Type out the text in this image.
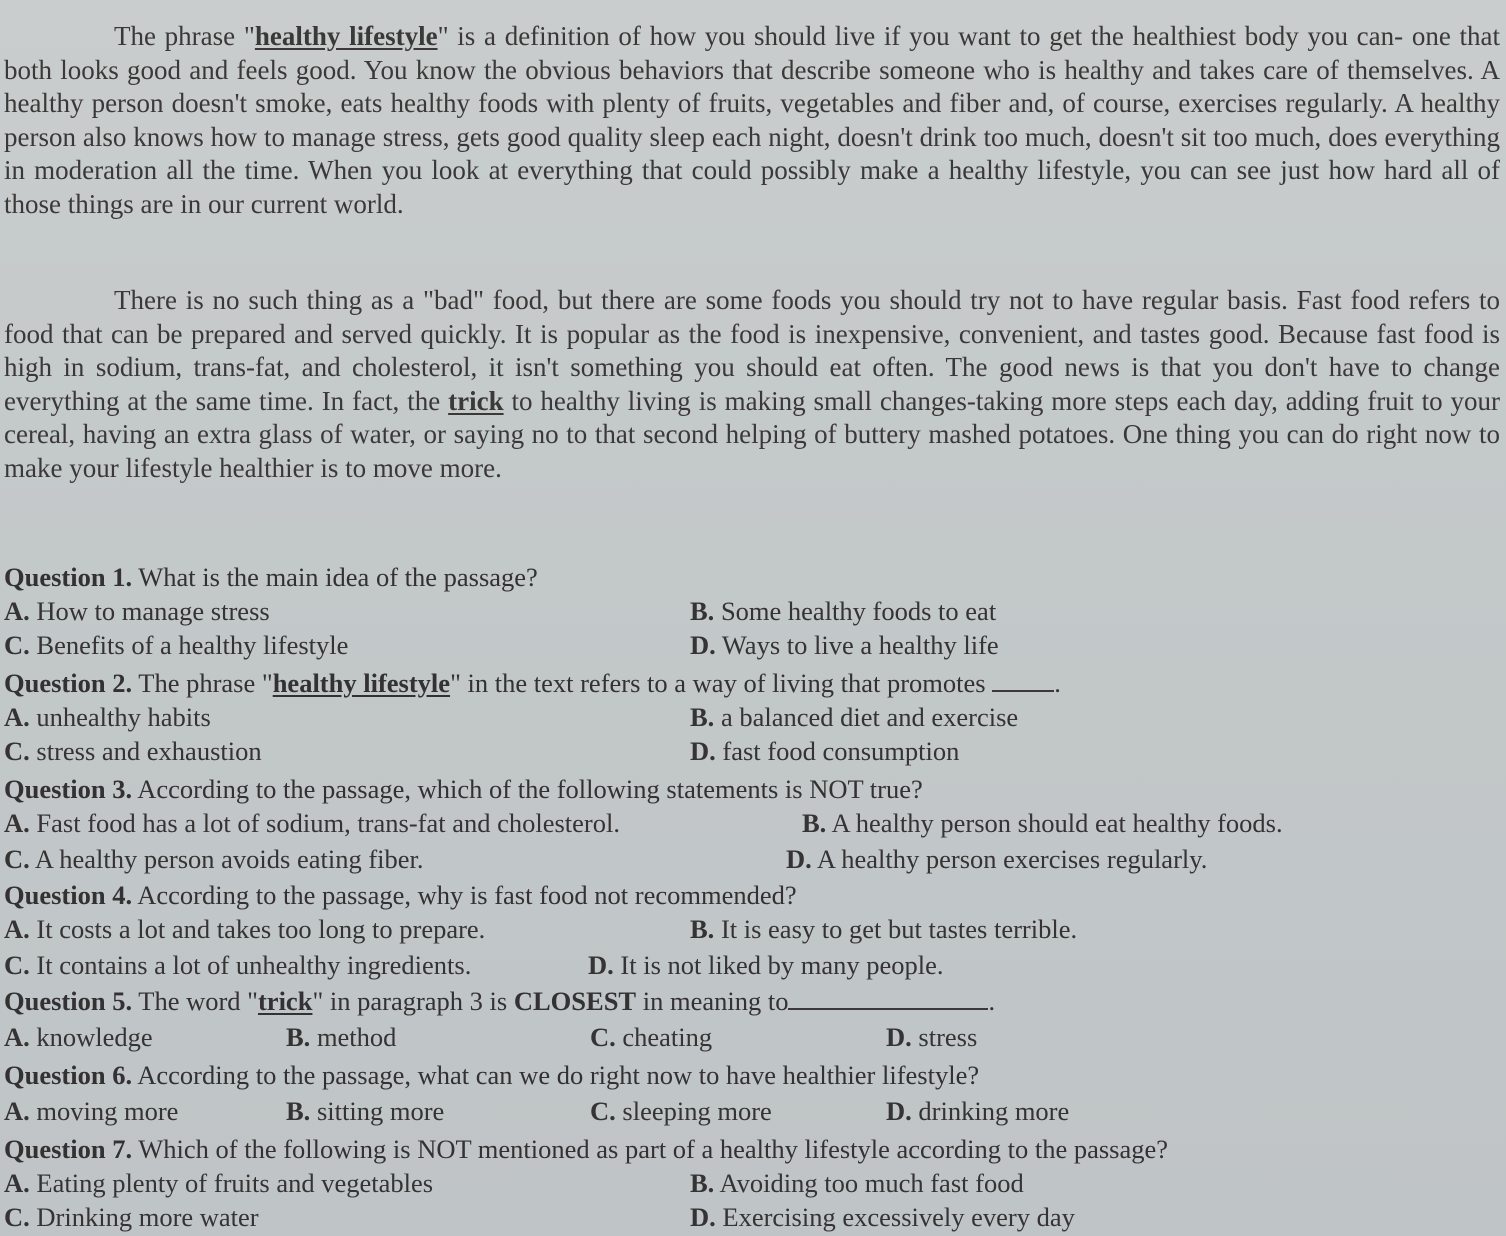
The phrase "healthy lifestyle" is a definition of how you should live if you want to get the healthiest body you can- one that both looks good and feels good. You know the obvious behaviors that describe someone who is healthy and takes care of themselves. A healthy person doesn't smoke, eats healthy foods with plenty of fruits, vegetables and fiber and, of course, exercises regularly. A healthy person also knows how to manage stress, gets good quality sleep each night, doesn't drink too much, doesn't sit too much, does everything in moderation all the time. When you look at everything that could possibly make a healthy lifestyle, you can see just how hard all of those things are in our current world.

There is no such thing as a "bad" food, but there are some foods you should try not to have regular basis. Fast food refers to food that can be prepared and served quickly. It is popular as the food is inexpensive, convenient, and tastes good. Because fast food is high in sodium, trans-fat, and cholesterol, it isn't something you should eat often. The good news is that you don't have to change everything at the same time. In fact, the trick to healthy living is making small changes-taking more steps each day, adding fruit to your cereal, having an extra glass of water, or saying no to that second helping of buttery mashed potatoes. One thing you can do right now to make your lifestyle healthier is to move more.

Question 1. What is the main idea of the passage?
A. How to manage stress	B. Some healthy foods to eat
C. Benefits of a healthy lifestyle	D. Ways to live a healthy life
Question 2. The phrase "healthy lifestyle" in the text refers to a way of living that promotes .
A. unhealthy habits	B. a balanced diet and exercise
C. stress and exhaustion	D. fast food consumption
Question 3. According to the passage, which of the following statements is NOT true?
A. Fast food has a lot of sodium, trans-fat and cholesterol.	B. A healthy person should eat healthy foods.
C. A healthy person avoids eating fiber.	D. A healthy person exercises regularly.
Question 4. According to the passage, why is fast food not recommended?
A. It costs a lot and takes too long to prepare.	B. It is easy to get but tastes terrible.
C. It contains a lot of unhealthy ingredients.	D. It is not liked by many people.
Question 5. The word "trick" in paragraph 3 is CLOSEST in meaning to	.
A. knowledge	B. method	C. cheating	D. stress
Question 6. According to the passage, what can we do right now to have healthier lifestyle?
A. moving more	B. sitting more	C. sleeping more	D. drinking more
Question 7. Which of the following is NOT mentioned as part of a healthy lifestyle according to the passage?
A. Eating plenty of fruits and vegetables	B. Avoiding too much fast food
C. Drinking more water	D. Exercising excessively every day
